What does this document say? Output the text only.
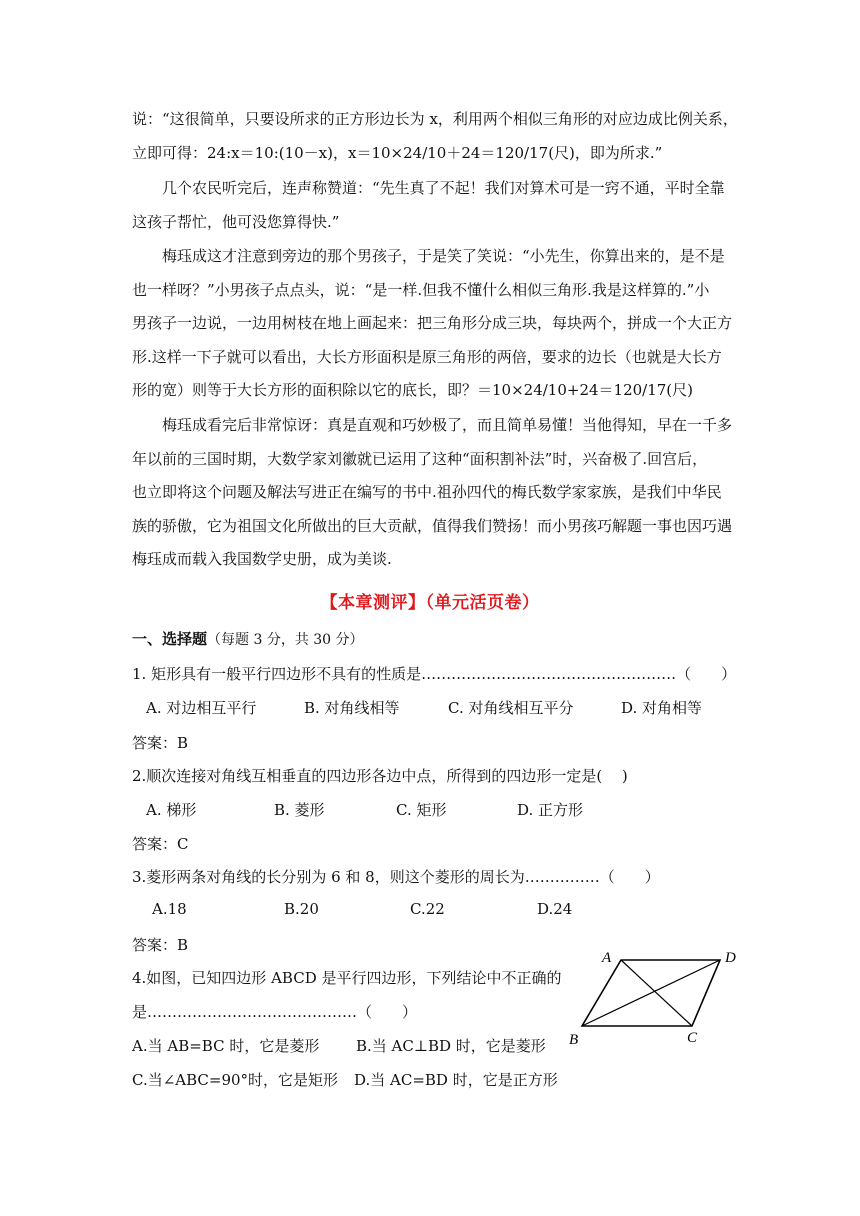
说：“这很简单，只要设所求的正方形边长为 x，利用两个相似三角形的对应边成比例关系，
立即可得：24:x＝10:(10－x)，x＝10×24/10＋24＝120/17(尺)，即为所求.”
几个农民听完后，连声称赞道：“先生真了不起！我们对算术可是一窍不通，平时全靠
这孩子帮忙，他可没您算得快.”
梅珏成这才注意到旁边的那个男孩子，于是笑了笑说：“小先生，你算出来的，是不是
也一样呀？”小男孩子点点头，说：“是一样.但我不懂什么相似三角形.我是这样算的.”小
男孩子一边说，一边用树枝在地上画起来：把三角形分成三块，每块两个，拼成一个大正方
形.这样一下子就可以看出，大长方形面积是原三角形的两倍，要求的边长（也就是大长方
形的宽）则等于大长方形的面积除以它的底长，即？＝10×24/10+24＝120/17(尺)
梅珏成看完后非常惊讶：真是直观和巧妙极了，而且简单易懂！当他得知，早在一千多
年以前的三国时期，大数学家刘徽就已运用了这种“面积割补法”时，兴奋极了.回宫后，
也立即将这个问题及解法写进正在编写的书中.祖孙四代的梅氏数学家家族，是我们中华民
族的骄傲，它为祖国文化所做出的巨大贡献，值得我们赞扬！而小男孩巧解题一事也因巧遇
梅珏成而载入我国数学史册，成为美谈.
【本章测评】（单元活页卷）
一、选择题（每题 3 分，共 30 分）
1. 矩形具有一般平行四边形不具有的性质是……………………………………………（　　）
A. 对边相互平行	B. 对角线相等	C. 对角线相互平分	D. 对角相等
答案：B
2.顺次连接对角线互相垂直的四边形各边中点，所得到的四边形一定是(　 )
A. 梯形	B. 菱形	C. 矩形	D. 正方形
答案：C
3.菱形两条对角线的长分别为 6 和 8，则这个菱形的周长为……………（　　）
A.18	B.20	C.22	D.24
答案：B
4.如图，已知四边形 ABCD 是平行四边形，下列结论中不正确的
是……………………………………（　　）
A.当 AB=BC 时，它是菱形 B.当 AC⊥BD 时，它是菱形
C.当∠ABC=90°时，它是矩形 D.当 AC=BD 时，它是正方形
A	D
B	C
